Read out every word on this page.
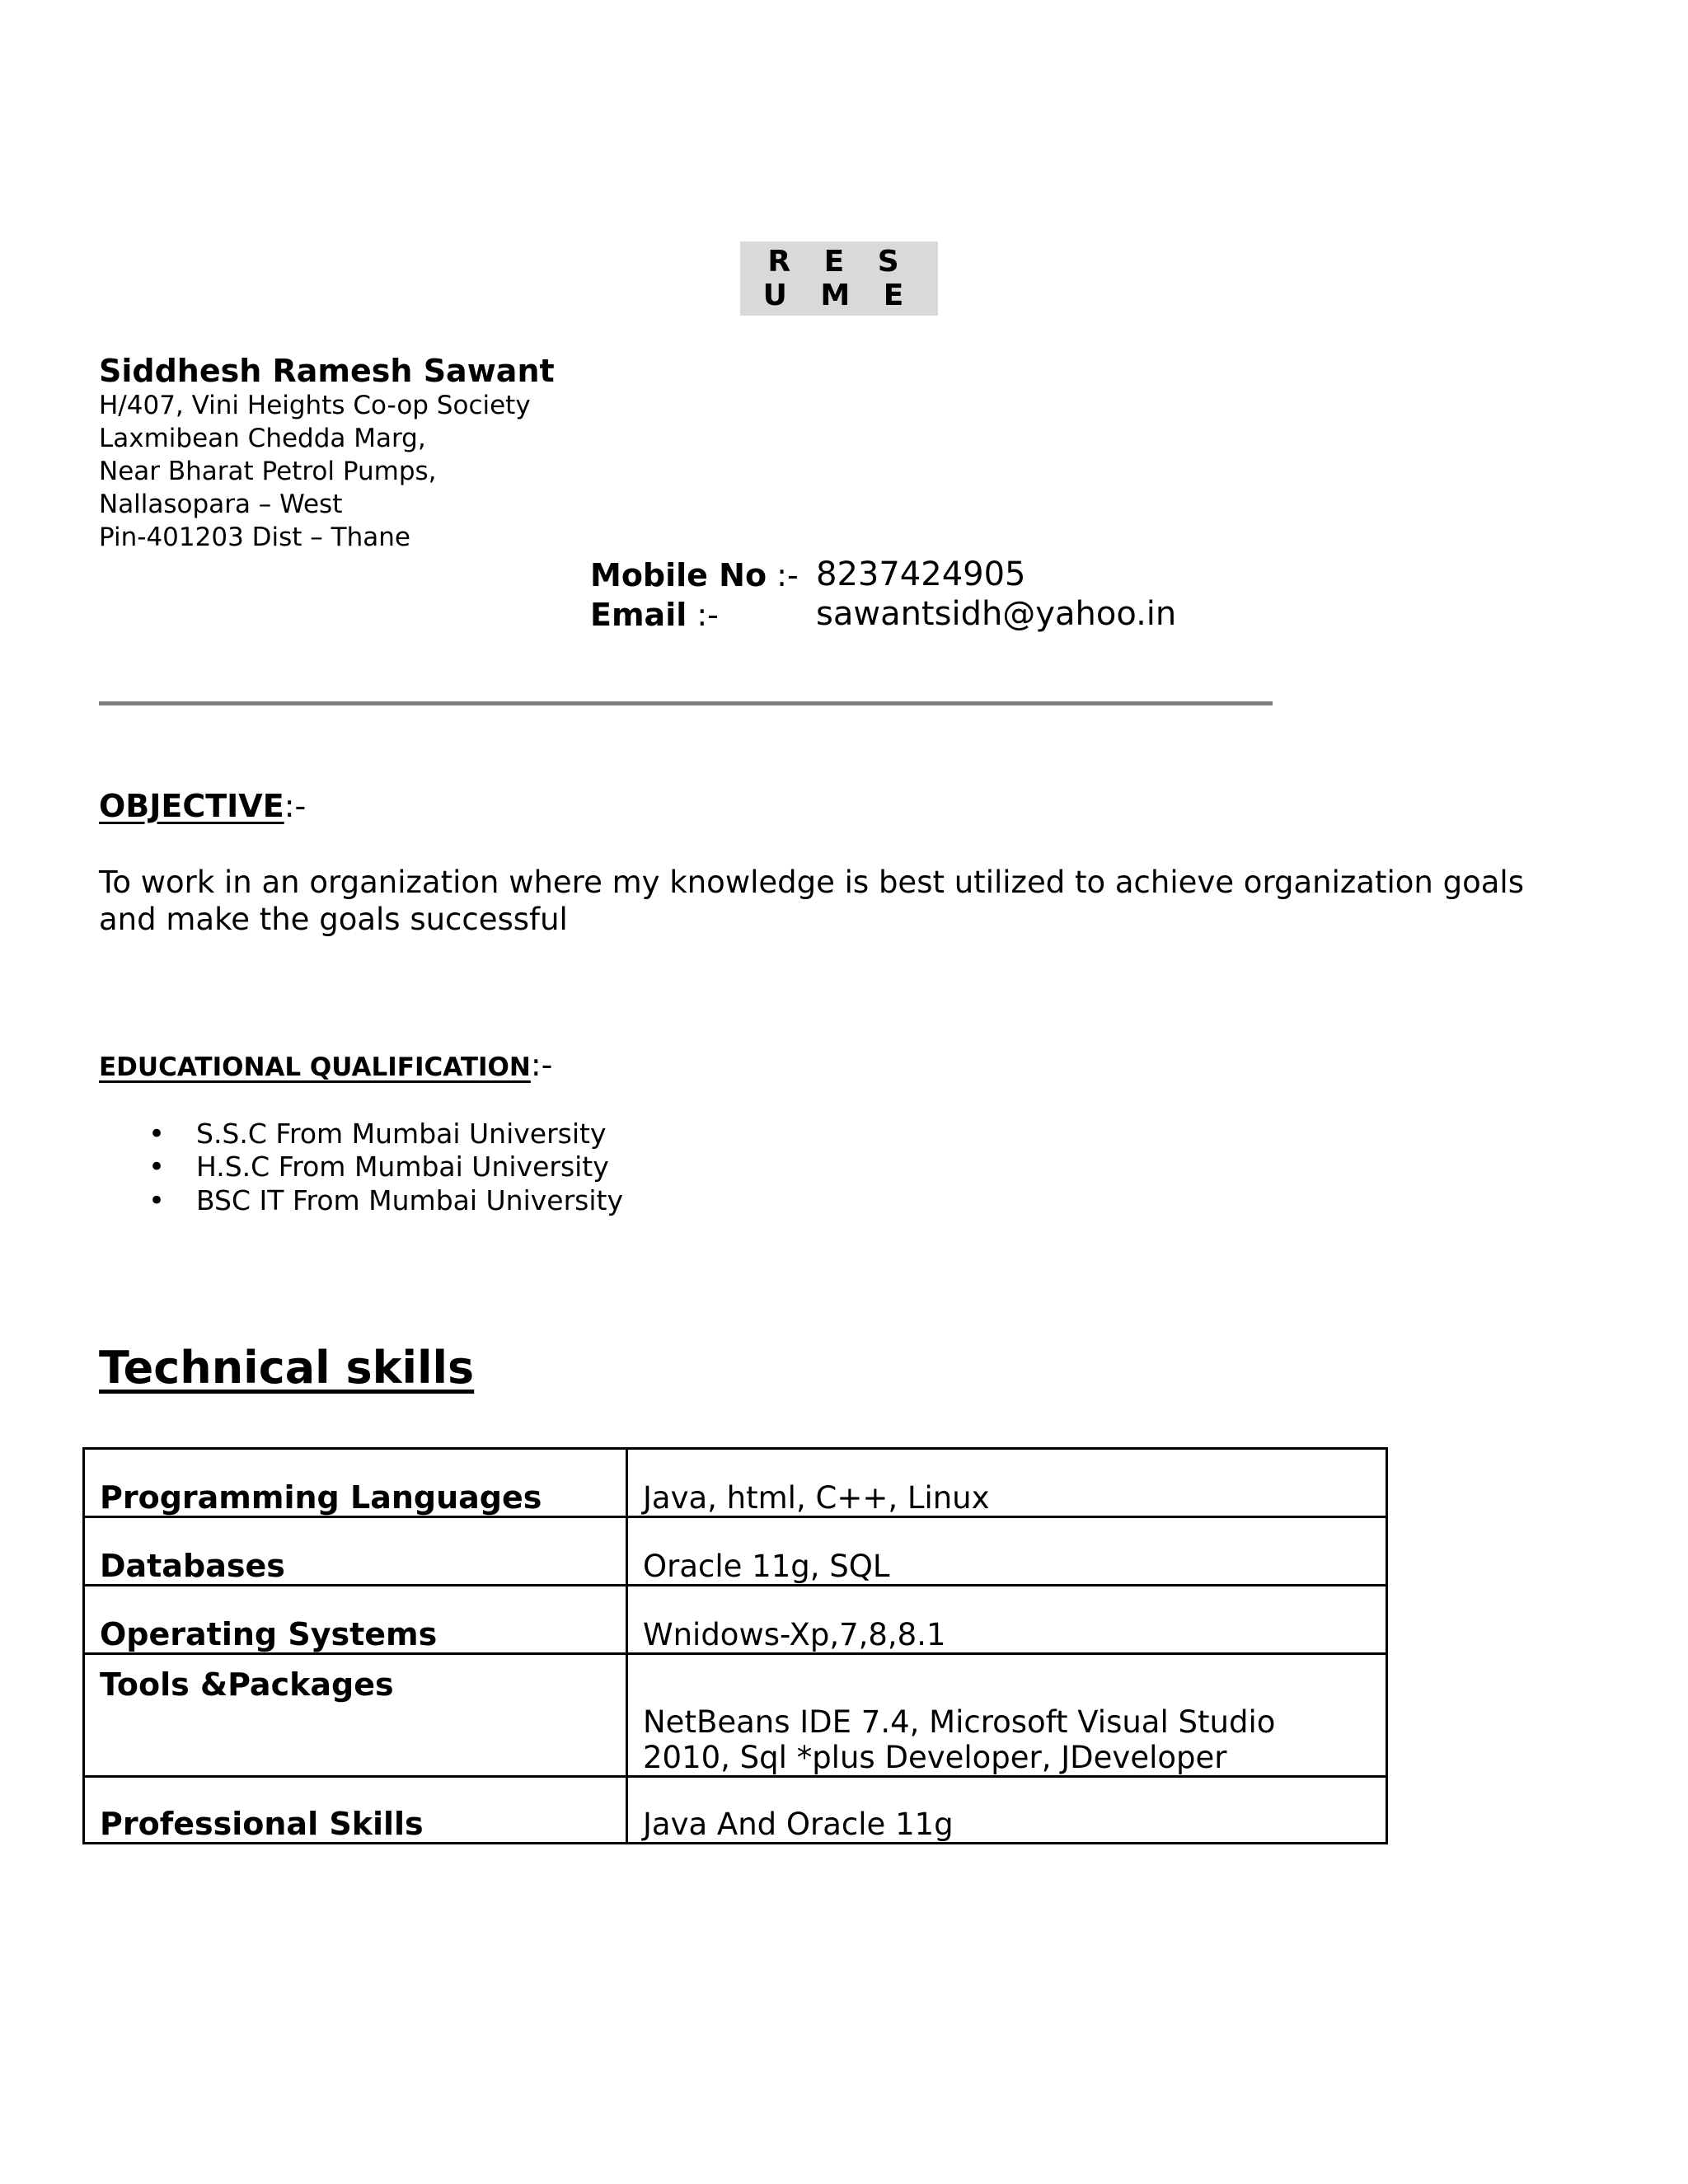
R E S U M E
Siddhesh Ramesh Sawant
H/407, Vini Heights Co-op Society
Laxmibean Chedda Marg,
Near Bharat Petrol Pumps,
Nallasopara – West
Pin-401203 Dist – Thane
Mobile No :- 8237424905
Email :-	sawantsidh@yahoo.in
OBJECTIVE:-
To work in an organization where my knowledge is best utilized to achieve organization goals and make the goals successful
EDUCATIONAL QUALIFICATION:-
• S.S.C From Mumbai University
• H.S.C From Mumbai University
• BSC IT From Mumbai University
Technical skills
Programming Languages	Java, html, C++, Linux
Databases	Oracle 11g, SQL
Operating Systems	Wnidows-Xp,7,8,8.1
Tools &Packages	NetBeans IDE 7.4, Microsoft Visual Studio 2010, Sql *plus Developer, JDeveloper
Professional Skills	Java And Oracle 11g
